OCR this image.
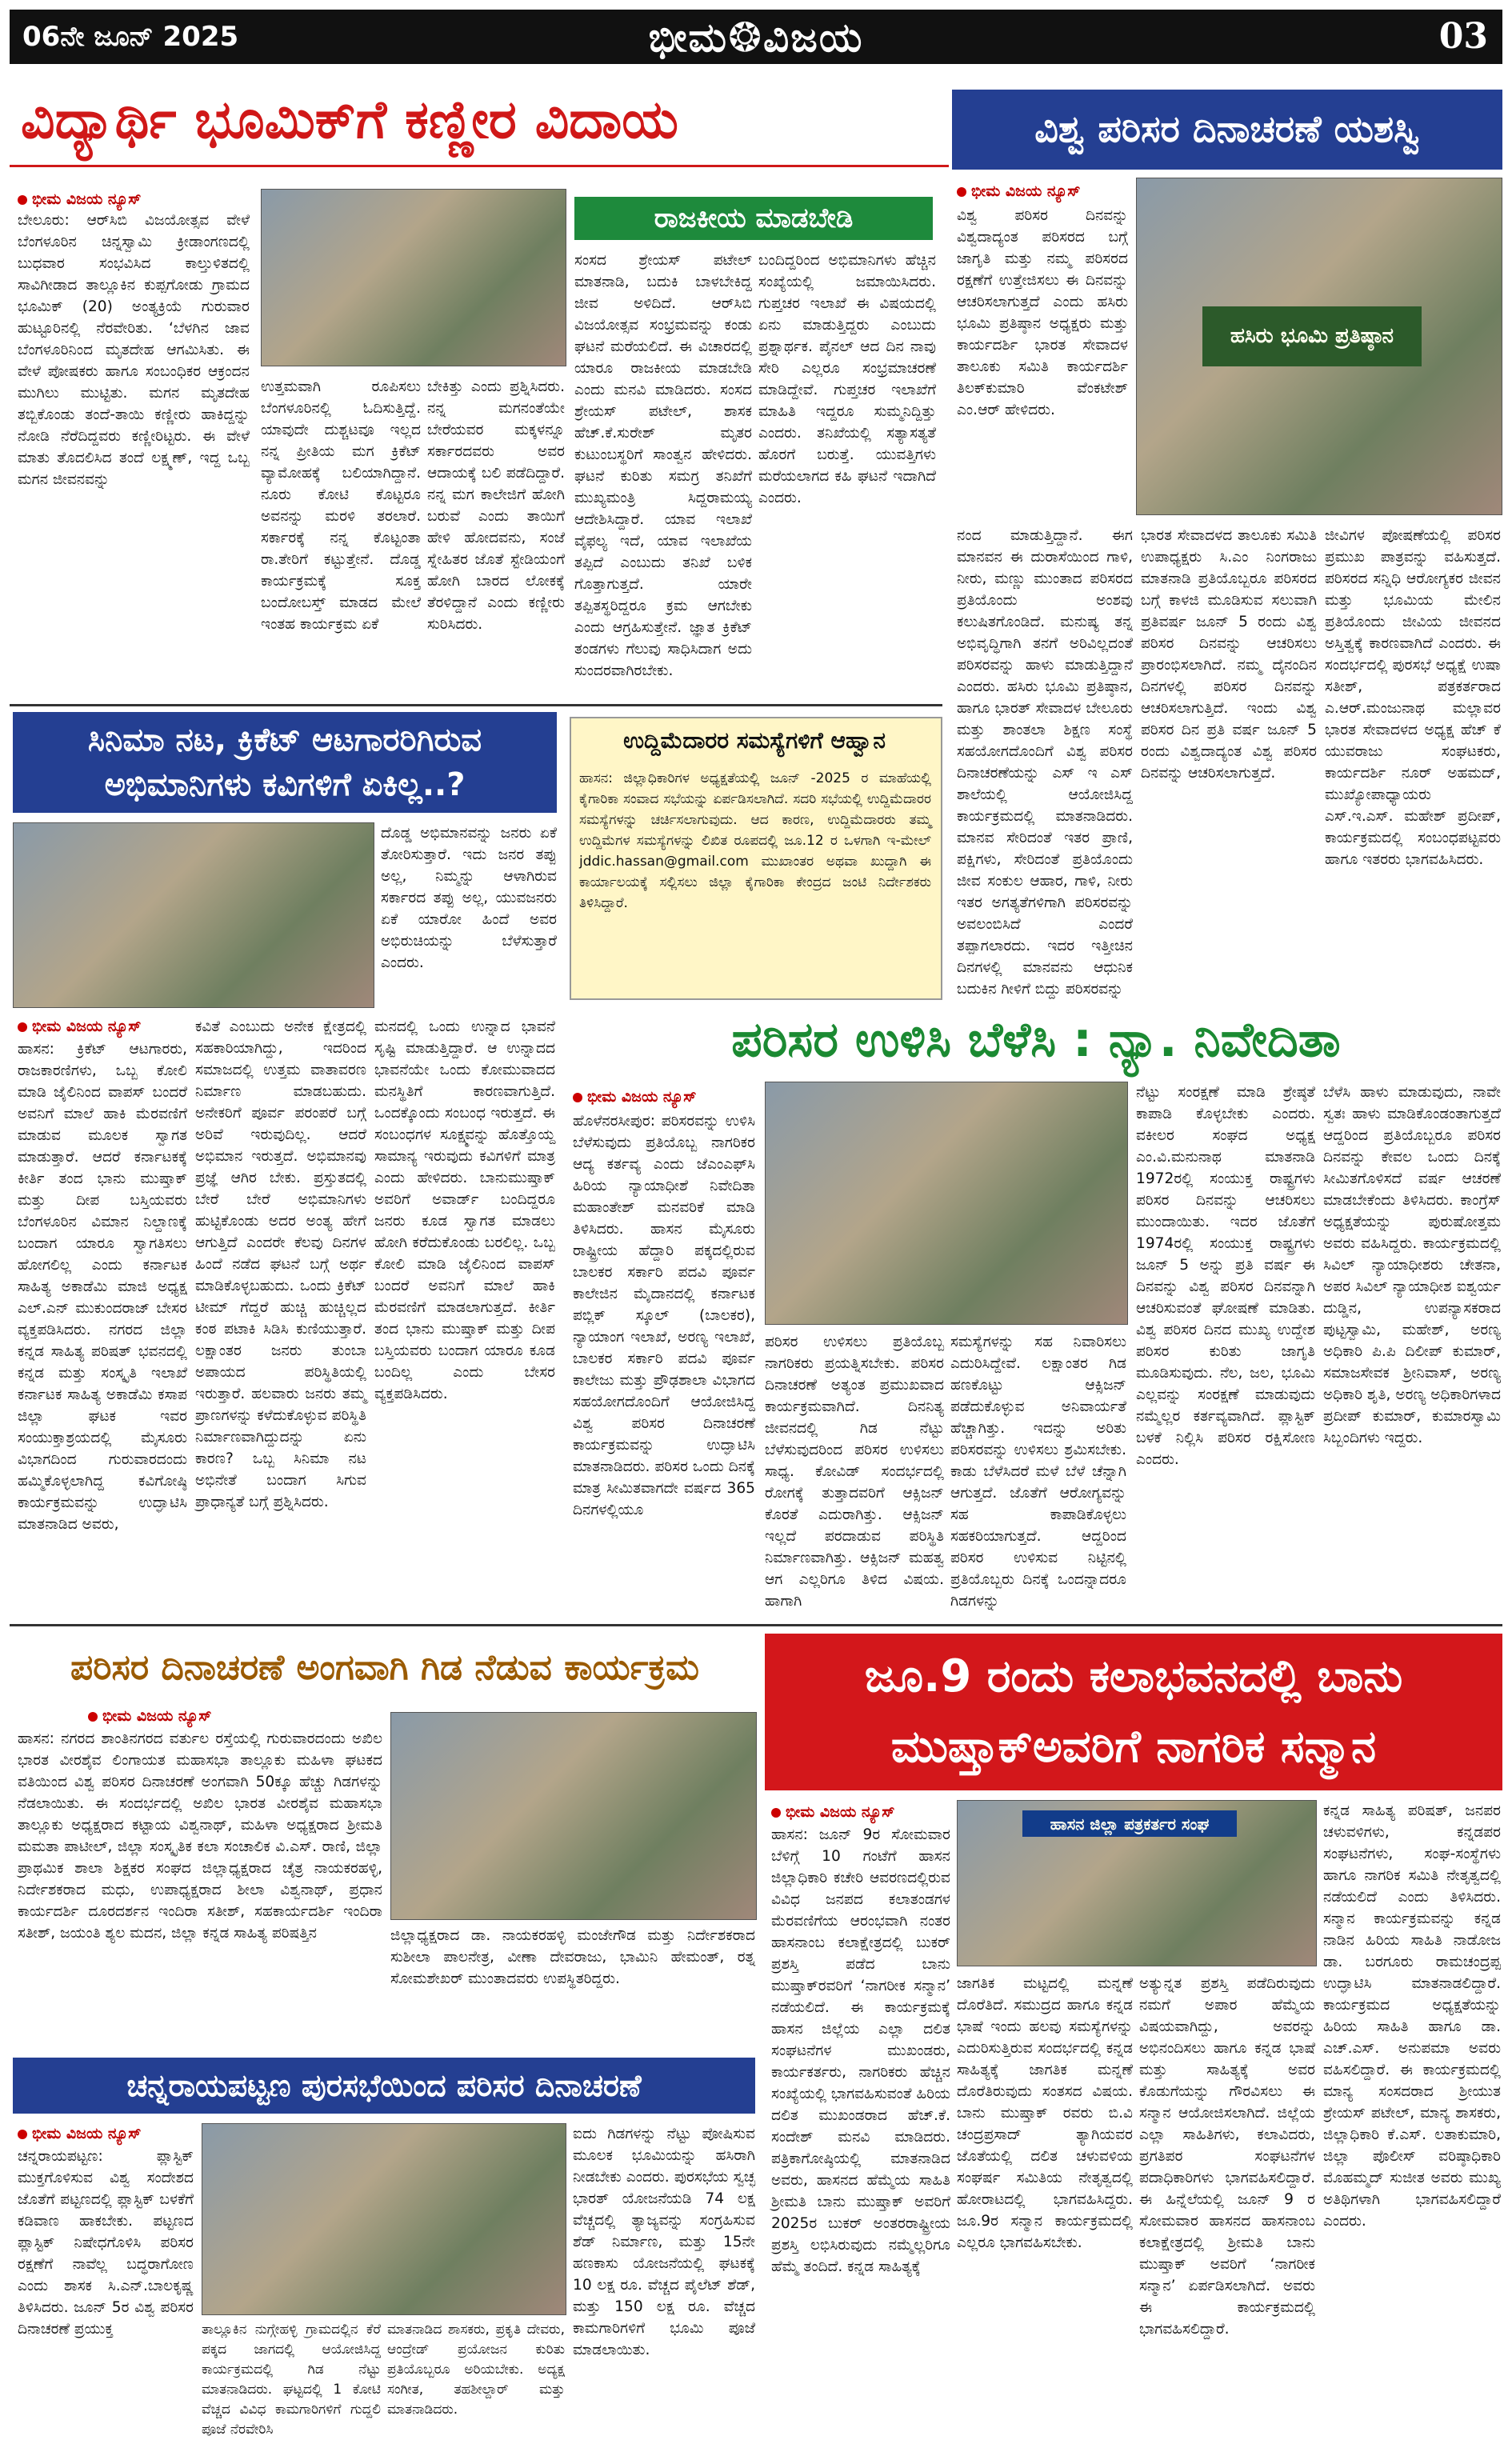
06ನೇ ಜೂನ್ 2025	ಭೀಮ❂ವಿಜಯ	03
ವಿದ್ಯಾರ್ಥಿ ಭೂಮಿಕ್‌ಗೆ ಕಣ್ಣೀರ ವಿದಾಯ
ಭೀಮ ವಿಜಯ ನ್ಯೂಸ್
ಬೇಲೂರು: ಆರ್‌ಸಿಬಿ ವಿಜಯೋತ್ಸವ ವೇಳೆ ಬೆಂಗಳೂರಿನ ಚಿನ್ನಸ್ವಾಮಿ ಕ್ರೀಡಾಂಗಣದಲ್ಲಿ ಬುಧವಾರ ಸಂಭವಿಸಿದ ಕಾಲ್ತುಳಿತದಲ್ಲಿ ಸಾವಿಗೀಡಾದ ತಾಲ್ಲೂಕಿನ ಕುಪ್ಪಗೋಡು ಗ್ರಾಮದ ಭೂಮಿಕ್ (20) ಅಂತ್ಯಕ್ರಿಯೆ ಗುರುವಾರ ಹುಟ್ಟೂರಿನಲ್ಲಿ ನೆರವೇರಿತು. ‘ಬೆಳಗಿನ ಜಾವ ಬೆಂಗಳೂರಿನಿಂದ ಮೃತದೇಹ ಆಗಮಿಸಿತು. ಈ ವೇಳೆ ಪೋಷಕರು ಹಾಗೂ ಸಂಬಂಧಿಕರ ಆಕ್ರಂದನ ಮುಗಿಲು ಮುಟ್ಟಿತು. ಮಗನ ಮೃತದೇಹ ತಬ್ಬಿಕೊಂಡು ತಂದೆ-ತಾಯಿ ಕಣ್ಣೀರು ಹಾಕಿದ್ದನ್ನು ನೋಡಿ ನೆರೆದಿದ್ದವರು ಕಣ್ಣೀರಿಟ್ಟರು. ಈ ವೇಳೆ ಮಾತು ತೊದಲಿಸಿದ ತಂದೆ ಲಕ್ಷ್ಮಣ್, ಇದ್ದ ಒಬ್ಬ ಮಗನ ಜೀವನವನ್ನು
ಉತ್ತಮವಾಗಿ ರೂಪಿಸಲು ಬೆಂಗಳೂರಿನಲ್ಲಿ ಓದಿಸುತ್ತಿದ್ದೆ. ಯಾವುದೇ ದುಶ್ಚಟವೂ ಇಲ್ಲದ ನನ್ನ ಪ್ರೀತಿಯ ಮಗ ಕ್ರಿಕೆಟ್ ವ್ಯಾಮೋಹಕ್ಕೆ ಬಲಿಯಾಗಿದ್ದಾನೆ. ನೂರು ಕೋಟಿ ಕೊಟ್ಟರೂ ಅವನನ್ನು ಮರಳಿ ತರಲಾರೆ. ಸರ್ಕಾರಕ್ಕೆ ನನ್ನ ಕೊಟ್ಟಂತಾ ರಾ.ತೇರಿಗೆ ಕಟ್ಟುತ್ತೇನೆ. ದೊಡ್ಡ ಕಾರ್ಯಕ್ರಮಕ್ಕೆ ಸೂಕ್ತ ಬಂದೋಬಸ್ತ್ ಮಾಡದ ಮೇಲೆ ಇಂತಹ ಕಾರ್ಯಕ್ರಮ ಏಕೆ
ಬೇಕಿತ್ತು ಎಂದು ಪ್ರಶ್ನಿಸಿದರು. ನನ್ನ ಮಗನಂತೆಯೇ ಬೇರೆಯವರ ಮಕ್ಕಳನ್ನೂ ಸರ್ಕಾರದವರು ಅವರ ಆದಾಯಕ್ಕೆ ಬಲಿ ಪಡೆದಿದ್ದಾರೆ. ನನ್ನ ಮಗ ಕಾಲೇಜಿಗೆ ಹೋಗಿ ಬರುವೆ ಎಂದು ತಾಯಿಗೆ ಹೇಳಿ ಹೋದವನು, ಸಂಜೆ ಸ್ನೇಹಿತರ ಜೊತೆ ಸ್ಟೇಡಿಯಂಗೆ ಹೋಗಿ ಬಾರದ ಲೋಕಕ್ಕೆ ತೆರಳಿದ್ದಾನೆ ಎಂದು ಕಣ್ಣೀರು ಸುರಿಸಿದರು.
ರಾಜಕೀಯ ಮಾಡಬೇಡಿ
ಸಂಸದ ಶ್ರೇಯಸ್ ಪಟೇಲ್ ಮಾತನಾಡಿ, ಬದುಕಿ ಬಾಳಬೇಕಿದ್ದ ಜೀವ ಅಳಿದಿದೆ. ಆರ್‌ಸಿಬಿ ವಿಜಯೋತ್ಸವ ಸಂಭ್ರಮವನ್ನು ಕಂಡು ಘಟನೆ ಮರೆಯಲಿದೆ. ಈ ವಿಚಾರದಲ್ಲಿ ಯಾರೂ ರಾಜಕೀಯ ಮಾಡಬೇಡಿ ಎಂದು ಮನವಿ ಮಾಡಿದರು. ಸಂಸದ ಶ್ರೇಯಸ್ ಪಟೇಲ್, ಶಾಸಕ ಹೆಚ್.ಕೆ.ಸುರೇಶ್ ಮೃತರ ಕುಟುಂಬಸ್ಥರಿಗೆ ಸಾಂತ್ವನ ಹೇಳಿದರು. ಘಟನೆ ಕುರಿತು ಸಮಗ್ರ ತನಿಖೆಗೆ ಮುಖ್ಯಮಂತ್ರಿ ಸಿದ್ದರಾಮಯ್ಯ ಆದೇಶಿಸಿದ್ದಾರೆ. ಯಾವ ಇಲಾಖೆ ವೈಫಲ್ಯ ಇದೆ, ಯಾವ ಇಲಾಖೆಯ ತಪ್ಪಿದೆ ಎಂಬುದು ತನಿಖೆ ಬಳಿಕ ಗೊತ್ತಾಗುತ್ತದೆ. ಯಾರೇ ತಪ್ಪಿತಸ್ಥರಿದ್ದರೂ ಕ್ರಮ ಆಗಬೇಕು ಎಂದು ಆಗ್ರಹಿಸುತ್ತೇನೆ. ಜ್ಞಾತ ಕ್ರಿಕೆಟ್ ತಂಡಗಳು ಗೆಲುವು ಸಾಧಿಸಿದಾಗ ಅದು ಸುಂದರವಾಗಿರಬೇಕು.
ಬಂದಿದ್ದರಿಂದ ಅಭಿಮಾನಿಗಳು ಹೆಚ್ಚಿನ ಸಂಖ್ಯೆಯಲ್ಲಿ ಜಮಾಯಿಸಿದರು. ಗುಪ್ತಚರ ಇಲಾಖೆ ಈ ವಿಷಯದಲ್ಲಿ ಏನು ಮಾಡುತ್ತಿದ್ದರು ಎಂಬುದು ಪ್ರಶ್ನಾರ್ಥಕ. ಪೈನಲ್ ಆದ ದಿನ ನಾವು ಸೇರಿ ಎಲ್ಲರೂ ಸಂಭ್ರಮಾಚರಣೆ ಮಾಡಿದ್ದೇವೆ. ಗುಪ್ತಚರ ಇಲಾಖೆಗೆ ಮಾಹಿತಿ ಇದ್ದರೂ ಸುಮ್ಮನಿದ್ದಿತ್ತು ಎಂದರು. ತನಿಖೆಯಲ್ಲಿ ಸತ್ಯಾಸತ್ಯತೆ ಹೊರಗೆ ಬರುತ್ತೆ. ಯುವತ್ತಿಗಳು ಮರೆಯಲಾಗದ ಕಹಿ ಘಟನೆ ಇದಾಗಿದೆ ಎಂದರು.
ವಿಶ್ವ ಪರಿಸರ ದಿನಾಚರಣೆ ಯಶಸ್ವಿ
ಭೀಮ ವಿಜಯ ನ್ಯೂಸ್
ವಿಶ್ವ ಪರಿಸರ ದಿನವನ್ನು ವಿಶ್ವದಾದ್ಯಂತ ಪರಿಸರದ ಬಗ್ಗೆ ಜಾಗೃತಿ ಮತ್ತು ನಮ್ಮ ಪರಿಸರದ ರಕ್ಷಣೆಗೆ ಉತ್ತೇಜಿಸಲು ಈ ದಿನವನ್ನು ಆಚರಿಸಲಾಗುತ್ತದೆ ಎಂದು ಹಸಿರು ಭೂಮಿ ಪ್ರತಿಷ್ಠಾನ ಅಧ್ಯಕ್ಷರು ಮತ್ತು ಕಾರ್ಯದರ್ಶಿ ಭಾರತ ಸೇವಾದಳ ತಾಲೂಕು ಸಮಿತಿ ಕಾರ್ಯದರ್ಶಿ ತಿಲಕ್‌ಕುಮಾರಿ ವೆಂಕಟೇಶ್ ಎಂ.ಆರ್ ಹೇಳಿದರು.
ಹಸಿರು ಭೂಮಿ ಪ್ರತಿಷ್ಠಾನ
ನಂದ ಮಾಡುತ್ತಿದ್ದಾನೆ. ಈಗ ಮಾನವನ ಈ ದುರಾಸೆಯಿಂದ ಗಾಳಿ, ನೀರು, ಮಣ್ಣು ಮುಂತಾದ ಪರಿಸರದ ಪ್ರತಿಯೊಂದು ಅಂಶವು ಕಲುಷಿತಗೊಂಡಿದೆ. ಮನುಷ್ಯ ತನ್ನ ಅಭಿವೃದ್ಧಿಗಾಗಿ ತನಗೆ ಅರಿವಿಲ್ಲದಂತೆ ಪರಿಸರವನ್ನು ಹಾಳು ಮಾಡುತ್ತಿದ್ದಾನೆ ಎಂದರು. ಹಸಿರು ಭೂಮಿ ಪ್ರತಿಷ್ಠಾನ, ಹಾಗೂ ಭಾರತ್ ಸೇವಾದಳ ಬೇಲೂರು ಮತ್ತು ಶಾಂತಲಾ ಶಿಕ್ಷಣ ಸಂಸ್ಥೆ ಸಹಯೋಗದೊಂದಿಗೆ ವಿಶ್ವ ಪರಿಸರ ದಿನಾಚರಣೆಯನ್ನು ಎಸ್ ಇ ಎಸ್ ಶಾಲೆಯಲ್ಲಿ ಆಯೋಜಿಸಿದ್ದ ಕಾರ್ಯಕ್ರಮದಲ್ಲಿ ಮಾತನಾಡಿದರು. ಮಾನವ ಸೇರಿದಂತೆ ಇತರ ಪ್ರಾಣಿ, ಪಕ್ಷಿಗಳು, ಸೇರಿದಂತೆ ಪ್ರತಿಯೊಂದು ಜೀವ ಸಂಕುಲ ಆಹಾರ, ಗಾಳಿ, ನೀರು ಇತರ ಅಗತ್ಯತೆಗಳಿಗಾಗಿ ಪರಿಸರವನ್ನು ಅವಲಂಬಿಸಿದೆ ಎಂದರೆ ತಪ್ಪಾಗಲಾರದು. ಇದರ ಇತ್ತೀಚಿನ ದಿನಗಳಲ್ಲಿ ಮಾನವನು ಆಧುನಿಕ ಬದುಕಿನ ಗೀಳಿಗೆ ಬಿದ್ದು ಪರಿಸರವನ್ನು
ಭಾರತ ಸೇವಾದಳದ ತಾಲೂಕು ಸಮಿತಿ ಉಪಾಧ್ಯಕ್ಷರು ಸಿ.ಎಂ ನಿಂಗರಾಜು ಮಾತನಾಡಿ ಪ್ರತಿಯೊಬ್ಬರೂ ಪರಿಸರದ ಬಗ್ಗೆ ಕಾಳಜಿ ಮೂಡಿಸುವ ಸಲುವಾಗಿ ಪ್ರತಿವರ್ಷ ಜೂನ್ 5 ರಂದು ವಿಶ್ವ ಪರಿಸರ ದಿನವನ್ನು ಆಚರಿಸಲು ಪ್ರಾರಂಭಿಸಲಾಗಿದೆ. ನಮ್ಮ ದೈನಂದಿನ ದಿನಗಳಲ್ಲಿ ಪರಿಸರ ದಿನವನ್ನು ಆಚರಿಸಲಾಗುತ್ತಿದೆ. ಇಂದು ವಿಶ್ವ ಪರಿಸರ ದಿನ ಪ್ರತಿ ವರ್ಷ ಜೂನ್ 5 ರಂದು ವಿಶ್ವದಾದ್ಯಂತ ವಿಶ್ವ ಪರಿಸರ ದಿನವನ್ನು ಆಚರಿಸಲಾಗುತ್ತದೆ.
ಜೀವಿಗಳ ಪೋಷಣೆಯಲ್ಲಿ ಪರಿಸರ ಪ್ರಮುಖ ಪಾತ್ರವನ್ನು ವಹಿಸುತ್ತದೆ. ಪರಿಸರದ ಸನ್ನಿಧಿ ಆರೋಗ್ಯಕರ ಜೀವನ ಮತ್ತು ಭೂಮಿಯ ಮೇಲಿನ ಪ್ರತಿಯೊಂದು ಜೀವಿಯ ಜೀವನದ ಅಸ್ತಿತ್ವಕ್ಕೆ ಕಾರಣವಾಗಿದೆ ಎಂದರು. ಈ ಸಂದರ್ಭದಲ್ಲಿ ಪುರಸಭೆ ಅಧ್ಯಕ್ಷೆ ಉಷಾ ಸತೀಶ್, ಪತ್ರಕರ್ತರಾದ ಎ.ಆರ್.ಮಂಜುನಾಥ ಮಲ್ಲಾವರ ಭಾರತ ಸೇವಾದಳದ ಅಧ್ಯಕ್ಷ ಹೆಚ್ ಕೆ ಯುವರಾಜು ಸಂಘಟಕರು, ಕಾರ್ಯದರ್ಶಿ ನೂರ್ ಅಹಮದ್, ಮುಖ್ಯೋಪಾಧ್ಯಾಯರು ಎಸ್.ಇ.ಎಸ್. ಮಹೇಶ್ ಪ್ರದೀಪ್, ಕಾರ್ಯಕ್ರಮದಲ್ಲಿ ಸಂಬಂಧಪಟ್ಟವರು ಹಾಗೂ ಇತರರು ಭಾಗವಹಿಸಿದರು.
ಸಿನಿಮಾ ನಟ, ಕ್ರಿಕೆಟ್ ಆಟಗಾರರಿಗಿರುವ
ಅಭಿಮಾನಿಗಳು ಕವಿಗಳಿಗೆ ಏಕಿಲ್ಲ..?
ದೊಡ್ಡ ಅಭಿಮಾನವನ್ನು ಜನರು ಏಕೆ ತೋರಿಸುತ್ತಾರೆ. ಇದು ಜನರ ತಪ್ಪು ಅಲ್ಲ, ನಿಮ್ಮನ್ನು ಆಳಾಗಿರುವ ಸರ್ಕಾರದ ತಪ್ಪು ಅಲ್ಲ, ಯುವಜನರು ಏಕೆ ಯಾರೋ ಹಿಂದೆ ಅವರ ಅಭಿರುಚಿಯನ್ನು ಬೆಳೆಸುತ್ತಾರೆ ಎಂದರು.
ಭೀಮ ವಿಜಯ ನ್ಯೂಸ್
ಹಾಸನ: ಕ್ರಿಕೆಟ್ ಆಟಗಾರರು, ರಾಜಕಾರಣಿಗಳು, ಒಬ್ಬ ಕೋಲಿ ಮಾಡಿ ಜೈಲಿನಿಂದ ವಾಪಸ್ ಬಂದರೆ ಅವನಿಗೆ ಮಾಲೆ ಹಾಕಿ ಮೆರವಣಿಗೆ ಮಾಡುವ ಮೂಲಕ ಸ್ವಾಗತ ಮಾಡುತ್ತಾರೆ. ಆದರೆ ಕರ್ನಾಟಕಕ್ಕೆ ಕೀರ್ತಿ ತಂದ ಭಾನು ಮುಷ್ತಾಕ್ ಮತ್ತು ದೀಪ ಬಸ್ತಿಯವರು ಬೆಂಗಳೂರಿನ ವಿಮಾನ ನಿಲ್ದಾಣಕ್ಕೆ ಬಂದಾಗ ಯಾರೂ ಸ್ವಾಗತಿಸಲು ಹೋಗಲಿಲ್ಲ ಎಂದು ಕರ್ನಾಟಕ ಸಾಹಿತ್ಯ ಅಕಾಡೆಮಿ ಮಾಜಿ ಅಧ್ಯಕ್ಷ ಎಲ್.ಎನ್ ಮುಕುಂದರಾಜ್ ಬೇಸರ ವ್ಯಕ್ತಪಡಿಸಿದರು. ನಗರದ ಜಿಲ್ಲಾ ಕನ್ನಡ ಸಾಹಿತ್ಯ ಪರಿಷತ್ ಭವನದಲ್ಲಿ ಕನ್ನಡ ಮತ್ತು ಸಂಸ್ಕೃತಿ ಇಲಾಖೆ ಕರ್ನಾಟಕ ಸಾಹಿತ್ಯ ಅಕಾಡೆಮಿ ಕಸಾಪ ಜಿಲ್ಲಾ ಘಟಕ ಇವರ ಸಂಯುಕ್ತಾಶ್ರಯದಲ್ಲಿ ಮೈಸೂರು ವಿಭಾಗದಿಂದ ಗುರುವಾರದಂದು ಹಮ್ಮಿಕೊಳ್ಳಲಾಗಿದ್ದ ಕವಿಗೋಷ್ಠಿ ಕಾರ್ಯಕ್ರಮವನ್ನು ಉದ್ಘಾಟಿಸಿ ಮಾತನಾಡಿದ ಅವರು,
ಕವಿತೆ ಎಂಬುದು ಅನೇಕ ಕ್ಷೇತ್ರದಲ್ಲಿ ಸಹಕಾರಿಯಾಗಿದ್ದು, ಇದರಿಂದ ಸಮಾಜದಲ್ಲಿ ಉತ್ತಮ ವಾತಾವರಣ ನಿರ್ಮಾಣ ಮಾಡಬಹುದು. ಅನೇಕರಿಗೆ ಪೂರ್ವ ಪರಂಪರೆ ಬಗ್ಗೆ ಅರಿವೆ ಇರುವುದಿಲ್ಲ. ಆದರೆ ಅಭಿಮಾನ ಇರುತ್ತದೆ. ಅಭಿಮಾನವು ಪ್ರಜ್ಞೆ ಆಗಿರ ಬೇಕು. ಪ್ರಸ್ತುತದಲ್ಲಿ ಬೇರೆ ಬೇರೆ ಅಭಿಮಾನಿಗಳು ಹುಟ್ಟಿಕೊಂಡು ಅದರ ಅಂತ್ಯ ಹೇಗೆ ಆಗುತ್ತಿದೆ ಎಂದರೇ ಕೆಲವು ದಿನಗಳ ಹಿಂದೆ ನಡೆದ ಘಟನೆ ಬಗ್ಗೆ ಅರ್ಥ ಮಾಡಿಕೊಳ್ಳಬಹುದು. ಒಂದು ಕ್ರಿಕೆಟ್ ಟೀಮ್ ಗೆದ್ದರೆ ಹುಚ್ಚಿ ಹುಚ್ಚಿಲ್ಲದ ಕಂಠ ಪಟಾಕಿ ಸಿಡಿಸಿ ಕುಣಿಯುತ್ತಾರೆ. ಲಕ್ಷಾಂತರ ಜನರು ತುಂಬಾ ಅಪಾಯದ ಪರಿಸ್ಥಿತಿಯಲ್ಲಿ ಇರುತ್ತಾರೆ. ಹಲವಾರು ಜನರು ತಮ್ಮ ಪ್ರಾಣಗಳನ್ನು ಕಳೆದುಕೊಳ್ಳುವ ಪರಿಸ್ಥಿತಿ ನಿರ್ಮಾಣವಾಗಿದ್ದುದನ್ನು ಏನು ಕಾರಣ? ಒಬ್ಬ ಸಿನಿಮಾ ನಟ ಅಭಿನೇತೆ ಬಂದಾಗ ಸಿಗುವ ಪ್ರಾಧಾನ್ಯತೆ ಬಗ್ಗೆ ಪ್ರಶ್ನಿಸಿದರು.
ಮನದಲ್ಲಿ ಒಂದು ಉನ್ನಾದ ಭಾವನೆ ಸೃಷ್ಟಿ ಮಾಡುತ್ತಿದ್ದಾರೆ. ಆ ಉನ್ನಾದದ ಭಾವನೆಯೇ ಒಂದು ಕೋಮುವಾದದ ಮನಸ್ಥಿತಿಗೆ ಕಾರಣವಾಗುತ್ತಿದೆ. ಒಂದಕ್ಕೊಂದು ಸಂಬಂಧ ಇರುತ್ತದೆ. ಈ ಸಂಬಂಧಗಳ ಸೂಕ್ಷ್ಮವನ್ನು ಹೊತ್ತೊಯ್ದ ಸಾಮಾನ್ಯ ಇರುವುದು ಕವಿಗಳಿಗೆ ಮಾತ್ರ ಎಂದು ಹೇಳಿದರು. ಬಾನುಮುಷ್ತಾಕ್ ಅವರಿಗೆ ಅವಾರ್ಡ್ ಬಂದಿದ್ದರೂ ಜನರು ಕೂಡ ಸ್ವಾಗತ ಮಾಡಲು ಹೋಗಿ ಕರೆದುಕೊಂಡು ಬರಲಿಲ್ಲ. ಒಬ್ಬ ಕೋಲಿ ಮಾಡಿ ಜೈಲಿನಿಂದ ವಾಪಸ್ ಬಂದರೆ ಅವನಿಗೆ ಮಾಲೆ ಹಾಕಿ ಮೆರವಣಿಗೆ ಮಾಡಲಾಗುತ್ತದೆ. ಕೀರ್ತಿ ತಂದ ಭಾನು ಮುಷ್ತಾಕ್ ಮತ್ತು ದೀಪ ಬಸ್ತಿಯವರು ಬಂದಾಗ ಯಾರೂ ಕೂಡ ಬಂದಿಲ್ಲ ಎಂದು ಬೇಸರ ವ್ಯಕ್ತಪಡಿಸಿದರು.
ಉದ್ದಿಮೆದಾರರ ಸಮಸ್ಯೆಗಳಿಗೆ ಆಹ್ವಾನ
ಹಾಸನ: ಜಿಲ್ಲಾಧಿಕಾರಿಗಳ ಅಧ್ಯಕ್ಷತೆಯಲ್ಲಿ ಜೂನ್ -2025 ರ ಮಾಹೆಯಲ್ಲಿ ಕೈಗಾರಿಕಾ ಸಂವಾದ ಸಭೆಯನ್ನು ಏರ್ಪಡಿಸಲಾಗಿದೆ. ಸದರಿ ಸಭೆಯಲ್ಲಿ ಉದ್ದಿಮೆದಾರರ ಸಮಸ್ಯೆಗಳನ್ನು ಚರ್ಚಿಸಲಾಗುವುದು. ಆದ ಕಾರಣ, ಉದ್ದಿಮೆದಾರರು ತಮ್ಮ ಉದ್ದಿಮೆಗಳ ಸಮಸ್ಯೆಗಳನ್ನು ಲಿಖಿತ ರೂಪದಲ್ಲಿ ಜೂ.12 ರ ಒಳಗಾಗಿ ಇ-ಮೇಲ್ jddic.hassan@gmail.com ಮುಖಾಂತರ ಅಥವಾ ಖುದ್ದಾಗಿ ಈ ಕಾರ್ಯಾಲಯಕ್ಕೆ ಸಲ್ಲಿಸಲು ಜಿಲ್ಲಾ ಕೈಗಾರಿಕಾ ಕೇಂದ್ರದ ಜಂಟಿ ನಿರ್ದೇಶಕರು ತಿಳಿಸಿದ್ದಾರೆ.
ಪರಿಸರ ಉಳಿಸಿ ಬೆಳೆಸಿ : ನ್ಯಾ. ನಿವೇದಿತಾ
ಭೀಮ ವಿಜಯ ನ್ಯೂಸ್
ಹೊಳೆನರಸೀಪುರ: ಪರಿಸರವನ್ನು ಉಳಿಸಿ ಬೆಳೆಸುವುದು ಪ್ರತಿಯೊಬ್ಬ ನಾಗರಿಕರ ಆದ್ಯ ಕರ್ತವ್ಯ ಎಂದು ಜೆಎಂಎಫ್‌ಸಿ ಹಿರಿಯ ನ್ಯಾಯಾಧೀಶೆ ನಿವೇದಿತಾ ಮಹಾಂತೇಶ್ ಮನವರಿಕೆ ಮಾಡಿ ತಿಳಿಸಿದರು. ಹಾಸನ ಮೈಸೂರು ರಾಷ್ಟ್ರೀಯ ಹೆದ್ದಾರಿ ಪಕ್ಕದಲ್ಲಿರುವ ಬಾಲಕರ ಸರ್ಕಾರಿ ಪದವಿ ಪೂರ್ವ ಕಾಲೇಜಿನ ಮೈದಾನದಲ್ಲಿ ಕರ್ನಾಟಕ ಪಬ್ಲಿಕ್ ಸ್ಕೂಲ್ (ಬಾಲಕರ), ನ್ಯಾಯಾಂಗ ಇಲಾಖೆ, ಅರಣ್ಯ ಇಲಾಖೆ, ಬಾಲಕರ ಸರ್ಕಾರಿ ಪದವಿ ಪೂರ್ವ ಕಾಲೇಜು ಮತ್ತು ಪ್ರೌಢಶಾಲಾ ವಿಭಾಗದ ಸಹಯೋಗದೊಂದಿಗೆ ಆಯೋಜಿಸಿದ್ದ ವಿಶ್ವ ಪರಿಸರ ದಿನಾಚರಣೆ ಕಾರ್ಯಕ್ರಮವನ್ನು ಉದ್ಘಾಟಿಸಿ ಮಾತನಾಡಿದರು. ಪರಿಸರ ಒಂದು ದಿನಕ್ಕೆ ಮಾತ್ರ ಸೀಮಿತವಾಗದೇ ವರ್ಷದ 365 ದಿನಗಳಲ್ಲಿಯೂ
ಪರಿಸರ ಉಳಿಸಲು ಪ್ರತಿಯೊಬ್ಬ ನಾಗರಿಕರು ಪ್ರಯತ್ನಿಸಬೇಕು. ಪರಿಸರ ದಿನಾಚರಣೆ ಅತ್ಯಂತ ಪ್ರಮುಖವಾದ ಕಾರ್ಯಕ್ರಮವಾಗಿದೆ. ದಿನನಿತ್ಯ ಜೀವನದಲ್ಲಿ ಗಿಡ ನೆಟ್ಟು ಬೆಳೆಸುವುದರಿಂದ ಪರಿಸರ ಉಳಿಸಲು ಸಾಧ್ಯ. ಕೋವಿಡ್ ಸಂದರ್ಭದಲ್ಲಿ ರೋಗಕ್ಕೆ ತುತ್ತಾದವರಿಗೆ ಆಕ್ಸಿಜನ್ ಕೊರತೆ ಎದುರಾಗಿತ್ತು. ಆಕ್ಸಿಜನ್ ಇಲ್ಲದೆ ಪರದಾಡುವ ಪರಿಸ್ಥಿತಿ ನಿರ್ಮಾಣವಾಗಿತ್ತು. ಆಕ್ಸಿಜನ್ ಮಹತ್ವ ಆಗ ಎಲ್ಲರಿಗೂ ತಿಳಿದ ವಿಷಯ. ಹಾಗಾಗಿ
ಸಮಸ್ಯೆಗಳನ್ನು ಸಹ ನಿವಾರಿಸಲು ಎದುರಿಸಿದ್ದೇವೆ. ಲಕ್ಷಾಂತರ ಗಿಡ ಹಣಕೊಟ್ಟು ಆಕ್ಸಿಜನ್ ಪಡೆದುಕೊಳ್ಳುವ ಅನಿವಾರ್ಯತೆ ಹೆಚ್ಚಾಗಿತ್ತು. ಇದನ್ನು ಅರಿತು ಪರಿಸರವನ್ನು ಉಳಿಸಲು ಶ್ರಮಿಸಬೇಕು. ಕಾಡು ಬೆಳೆಸಿದರೆ ಮಳೆ ಬೆಳೆ ಚೆನ್ನಾಗಿ ಆಗುತ್ತದೆ. ಜೊತೆಗೆ ಆರೋಗ್ಯವನ್ನು ಸಹ ಕಾಪಾಡಿಕೊಳ್ಳಲು ಸಹಕರಿಯಾಗುತ್ತದೆ. ಆದ್ದರಿಂದ ಪರಿಸರ ಉಳಿಸುವ ನಿಟ್ಟಿನಲ್ಲಿ ಪ್ರತಿಯೊಬ್ಬರು ದಿನಕ್ಕೆ ಒಂದನ್ನಾದರೂ ಗಿಡಗಳನ್ನು
ನೆಟ್ಟು ಸಂರಕ್ಷಣೆ ಮಾಡಿ ಶ್ರೇಷ್ಠತೆ ಕಾಪಾಡಿ ಕೊಳ್ಳಬೇಕು ಎಂದರು. ವಕೀಲರ ಸಂಘದ ಅಧ್ಯಕ್ಷ ಎಂ.ವಿ.ಮನುನಾಥ ಮಾತನಾಡಿ 1972ರಲ್ಲಿ ಸಂಯುಕ್ತ ರಾಷ್ಟ್ರಗಳು ಪರಿಸರ ದಿನವನ್ನು ಆಚರಿಸಲು ಮುಂದಾಯಿತು. ಇದರ ಜೊತೆಗೆ 1974ರಲ್ಲಿ ಸಂಯುಕ್ತ ರಾಷ್ಟ್ರಗಳು ಜೂನ್ 5 ಅನ್ನು ಪ್ರತಿ ವರ್ಷ ಈ ದಿನವನ್ನು ವಿಶ್ವ ಪರಿಸರ ದಿನವನ್ನಾಗಿ ಆಚರಿಸುವಂತೆ ಘೋಷಣೆ ಮಾಡಿತು. ವಿಶ್ವ ಪರಿಸರ ದಿನದ ಮುಖ್ಯ ಉದ್ದೇಶ ಪರಿಸರ ಕುರಿತು ಜಾಗೃತಿ ಮೂಡಿಸುವುದು. ನೆಲ, ಜಲ, ಭೂಮಿ ಎಲ್ಲವನ್ನು ಸಂರಕ್ಷಣೆ ಮಾಡುವುದು ನಮ್ಮೆಲ್ಲರ ಕರ್ತವ್ಯವಾಗಿದೆ. ಪ್ಲಾಸ್ಟಿಕ್ ಬಳಕೆ ನಿಲ್ಲಿಸಿ ಪರಿಸರ ರಕ್ಷಿಸೋಣ ಎಂದರು.
ಬೆಳೆಸಿ ಹಾಳು ಮಾಡುವುದು, ನಾವೇ ಸ್ವತಃ ಹಾಳು ಮಾಡಿಕೊಂಡಂತಾಗುತ್ತದೆ ಆದ್ದರಿಂದ ಪ್ರತಿಯೊಬ್ಬರೂ ಪರಿಸರ ದಿನವನ್ನು ಕೇವಲ ಒಂದು ದಿನಕ್ಕೆ ಸೀಮಿತಗೊಳಿಸದೆ ವರ್ಷ ಆಚರಣೆ ಮಾಡಬೇಕೆಂದು ತಿಳಿಸಿದರು. ಕಾಂಗ್ರೆಸ್ ಅಧ್ಯಕ್ಷತೆಯನ್ನು ಪುರುಷೋತ್ತಮ ಅವರು ವಹಿಸಿದ್ದರು. ಕಾರ್ಯಕ್ರಮದಲ್ಲಿ ಸಿವಿಲ್ ನ್ಯಾಯಾಧೀಶರು ಚೇತನಾ, ಅಪರ ಸಿವಿಲ್ ನ್ಯಾಯಾಧೀಶ ಐಶ್ವರ್ಯ ದುಡ್ಡಿನ, ಉಪನ್ಯಾಸಕರಾದ ಪುಟ್ಟಸ್ವಾಮಿ, ಮಹೇಶ್, ಅರಣ್ಯ ಅಧಿಕಾರಿ ಪಿ.ಪಿ ದಿಲೀಪ್ ಕುಮಾರ್, ಸಮಾಜಸೇವಕ ಶ್ರೀನಿವಾಸ್, ಅರಣ್ಯ ಅಧಿಕಾರಿ ಶೃತಿ, ಅರಣ್ಯ ಅಧಿಕಾರಿಗಳಾದ ಪ್ರದೀಪ್ ಕುಮಾರ್, ಕುಮಾರಸ್ವಾಮಿ ಸಿಬ್ಬಂದಿಗಳು ಇದ್ದರು.
ಪರಿಸರ ದಿನಾಚರಣೆ ಅಂಗವಾಗಿ ಗಿಡ ನೆಡುವ ಕಾರ್ಯಕ್ರಮ
ಭೀಮ ವಿಜಯ ನ್ಯೂಸ್
ಹಾಸನ: ನಗರದ ಶಾಂತಿನಗರದ ವರ್ತುಲ ರಸ್ತೆಯಲ್ಲಿ ಗುರುವಾರದಂದು ಅಖಿಲ ಭಾರತ ವೀರಶೈವ ಲಿಂಗಾಯತ ಮಹಾಸಭಾ ತಾಲ್ಲೂಕು ಮಹಿಳಾ ಘಟಕದ ವತಿಯಿಂದ ವಿಶ್ವ ಪರಿಸರ ದಿನಾಚರಣೆ ಅಂಗವಾಗಿ 50ಕ್ಕೂ ಹೆಚ್ಚು ಗಿಡಗಳನ್ನು ನೆಡಲಾಯಿತು. ಈ ಸಂದರ್ಭದಲ್ಲಿ ಅಖಿಲ ಭಾರತ ವೀರಶೈವ ಮಹಾಸಭಾ ತಾಲ್ಲೂಕು ಅಧ್ಯಕ್ಷರಾದ ಕಟ್ಟಾಯ ವಿಶ್ವನಾಥ್, ಮಹಿಳಾ ಅಧ್ಯಕ್ಷರಾದ ಶ್ರೀಮತಿ ಮಮತಾ ಪಾಟೀಲ್, ಜಿಲ್ಲಾ ಸಂಸ್ಕೃತಿಕ ಕಲಾ ಸಂಚಾಲಿಕ ವಿ.ಎಸ್. ರಾಣಿ, ಜಿಲ್ಲಾ ಪ್ರಾಥಮಿಕ ಶಾಲಾ ಶಿಕ್ಷಕರ ಸಂಘದ ಜಿಲ್ಲಾಧ್ಯಕ್ಷರಾದ ಚೈತ್ರ ನಾಯಕರಹಳ್ಳಿ, ನಿರ್ದೇಶಕರಾದ ಮಧು, ಉಪಾಧ್ಯಕ್ಷರಾದ ಶೀಲಾ ವಿಶ್ವನಾಥ್, ಪ್ರಧಾನ ಕಾರ್ಯದರ್ಶಿ ದೂರದರ್ಶನ ಇಂದಿರಾ ಸತೀಶ್, ಸಹಕಾರ್ಯದರ್ಶಿ ಇಂದಿರಾ ಸತೀಶ್, ಜಯಂತಿ ಶ್ಯಲ ಮದನ, ಜಿಲ್ಲಾ ಕನ್ನಡ ಸಾಹಿತ್ಯ ಪರಿಷತ್ತಿನ	ಜಿಲ್ಲಾಧ್ಯಕ್ಷರಾದ ಡಾ. ನಾಯಕರಹಳ್ಳಿ ಮಂಜೇಗೌಡ ಮತ್ತು ನಿರ್ದೇಶಕರಾದ ಸುಶೀಲಾ ಪಾಲನೇತ್ರ, ವೀಣಾ ದೇವರಾಜು, ಭಾಮಿನಿ ಹೇಮಂತ್, ರತ್ನ ಸೋಮಶೇಖರ್ ಮುಂತಾದವರು ಉಪಸ್ಥಿತರಿದ್ದರು.
ಚನ್ನರಾಯಪಟ್ಟಣ ಪುರಸಭೆಯಿಂದ ಪರಿಸರ ದಿನಾಚರಣೆ
ಭೀಮ ವಿಜಯ ನ್ಯೂಸ್
ಚನ್ನರಾಯಪಟ್ಟಣ: ಪ್ಲಾಸ್ಟಿಕ್ ಮುಕ್ತಗೊಳಿಸುವ ವಿಶ್ವ ಸಂದೇಶದ ಜೊತೆಗೆ ಪಟ್ಟಣದಲ್ಲಿ ಪ್ಲಾಸ್ಟಿಕ್ ಬಳಕೆಗೆ ಕಡಿವಾಣ ಹಾಕಬೇಕು. ಪಟ್ಟಣದ ಪ್ಲಾಸ್ಟಿಕ್ ನಿಷೇಧಗೊಳಿಸಿ ಪರಿಸರ ರಕ್ಷಣೆಗೆ ನಾವೆಲ್ಲ ಬದ್ಧರಾಗೋಣ ಎಂದು ಶಾಸಕ ಸಿ.ಎನ್.ಬಾಲಕೃಷ್ಣ ತಿಳಿಸಿದರು. ಜೂನ್ 5ರ ವಿಶ್ವ ಪರಿಸರ ದಿನಾಚರಣೆ ಪ್ರಯುಕ್ತ	ತಾಲ್ಲೂಕಿನ ನುಗ್ಗೇಹಳ್ಳಿ ಗ್ರಾಮದಲ್ಲಿನ ಕೆರೆ ಪಕ್ಕದ ಜಾಗದಲ್ಲಿ ಆಯೋಜಿಸಿದ್ದ ಕಾರ್ಯಕ್ರಮದಲ್ಲಿ ಗಿಡ ನೆಟ್ಟು ಮಾತನಾಡಿದರು. ಘಟ್ಟದಲ್ಲಿ 1 ಕೋಟಿ ವೆಚ್ಚದ ವಿವಿಧ ಕಾಮಗಾರಿಗಳಿಗೆ ಗುದ್ದಲಿ ಪೂಜೆ ನೆರವೇರಿಸಿ
ಮಾತನಾಡಿದ ಶಾಸಕರು, ಪ್ರಕೃತಿ ದೇವರು, ಆಂದ್ರೇಡ್ ಪ್ರಯೋಜನ ಕುರಿತು ಪ್ರತಿಯೊಬ್ಬರೂ ಅರಿಯಬೇಕು. ಅದ್ಯಕ್ಷ ಸಂಗೀತ, ತಹಶೀಲ್ದಾರ್ ಮತ್ತು ಮಾತನಾಡಿದರು.
ಐದು ಗಿಡಗಳನ್ನು ನೆಟ್ಟು ಪೋಷಿಸುವ ಮೂಲಕ ಭೂಮಿಯನ್ನು ಹಸಿರಾಗಿ ನೀಡಬೇಕು ಎಂದರು. ಪುರಸಭೆಯ ಸ್ವಚ್ಛ ಭಾರತ್ ಯೋಜನೆಯಡಿ 74 ಲಕ್ಷ ವೆಚ್ಚದಲ್ಲಿ ತ್ಯಾಜ್ಯವನ್ನು ಸಂಗ್ರಹಿಸುವ ಶೆಡ್ ನಿರ್ಮಾಣ, ಮತ್ತು 15ನೇ ಹಣಕಾಸು ಯೋಜನೆಯಲ್ಲಿ ಘಟಕಕ್ಕೆ 10 ಲಕ್ಷ ರೂ. ವೆಚ್ಚದ ಪೈಲೆಟ್ ಶೆಡ್, ಮತ್ತು 150 ಲಕ್ಷ ರೂ. ವೆಚ್ಚದ ಕಾಮಗಾರಿಗಳಿಗೆ ಭೂಮಿ ಪೂಜೆ ಮಾಡಲಾಯಿತು.
ಜೂ.9 ರಂದು ಕಲಾಭವನದಲ್ಲಿ ಬಾನು
ಮುಷ್ತಾಕ್‌ಅವರಿಗೆ ನಾಗರಿಕ ಸನ್ಮಾನ
ಭೀಮ ವಿಜಯ ನ್ಯೂಸ್
ಹಾಸನ: ಜೂನ್ 9ರ ಸೋಮವಾರ ಬೆಳಿಗ್ಗೆ 10 ಗಂಟೆಗೆ ಹಾಸನ ಜಿಲ್ಲಾಧಿಕಾರಿ ಕಚೇರಿ ಆವರಣದಲ್ಲಿರುವ ವಿವಿಧ ಜನಪದ ಕಲಾತಂಡಗಳ ಮೆರವಣಿಗೆಯ ಆರಂಭವಾಗಿ ನಂತರ ಹಾಸನಾಂಬ ಕಲಾಕ್ಷೇತ್ರದಲ್ಲಿ ಬುಕರ್ ಪ್ರಶಸ್ತಿ ಪಡೆದ ಬಾನು ಮುಷ್ತಾಕ್‌ರವರಿಗೆ ‘ನಾಗರೀಕ ಸನ್ಮಾನ’ ನಡೆಯಲಿದೆ. ಈ ಕಾರ್ಯಕ್ರಮಕ್ಕೆ ಹಾಸನ ಜಿಲ್ಲೆಯ ಎಲ್ಲಾ ದಲಿತ ಸಂಘಟನೆಗಳ ಮುಖಂಡರು, ಕಾರ್ಯಕರ್ತರು, ನಾಗರಿಕರು ಹೆಚ್ಚಿನ ಸಂಖ್ಯೆಯಲ್ಲಿ ಭಾಗವಹಿಸುವಂತೆ ಹಿರಿಯ ದಲಿತ ಮುಖಂಡರಾದ ಹೆಚ್.ಕೆ. ಸಂದೇಶ್ ಮನವಿ ಮಾಡಿದರು. ಪತ್ರಿಕಾಗೋಷ್ಠಿಯಲ್ಲಿ ಮಾತನಾಡಿದ ಅವರು, ಹಾಸನದ ಹೆಮ್ಮೆಯ ಸಾಹಿತಿ ಶ್ರೀಮತಿ ಬಾನು ಮುಷ್ತಾಕ್ ಅವರಿಗೆ 2025ರ ಬುಕರ್ ಅಂತರರಾಷ್ಟ್ರೀಯ ಪ್ರಶಸ್ತಿ ಲಭಿಸಿರುವುದು ನಮ್ಮೆಲ್ಲರಿಗೂ ಹೆಮ್ಮೆ ತಂದಿದೆ. ಕನ್ನಡ ಸಾಹಿತ್ಯಕ್ಕೆ
ಹಾಸನ ಜಿಲ್ಲಾ ಪತ್ರಕರ್ತರ ಸಂಘ
ಜಾಗತಿಕ ಮಟ್ಟದಲ್ಲಿ ಮನ್ನಣೆ ದೊರೆತಿದೆ. ಸಮುದ್ರದ ಹಾಗೂ ಕನ್ನಡ ಭಾಷೆ ಇಂದು ಹಲವು ಸಮಸ್ಯೆಗಳನ್ನು ಎದುರಿಸುತ್ತಿರುವ ಸಂದರ್ಭದಲ್ಲಿ ಕನ್ನಡ ಸಾಹಿತ್ಯಕ್ಕೆ ಜಾಗತಿಕ ಮನ್ನಣೆ ದೊರೆತಿರುವುದು ಸಂತಸದ ವಿಷಯ. ಬಾನು ಮುಷ್ತಾಕ್ ರವರು ಬಿ.ವಿ ಚಂದ್ರಪ್ರಸಾದ್ ತ್ಯಾಗಿಯವರ ಜೊತೆಯಲ್ಲಿ ದಲಿತ ಚಳುವಳಿಯ ಸಂಘರ್ಷ ಸಮಿತಿಯ ನೇತೃತ್ವದಲ್ಲಿ ಹೋರಾಟದಲ್ಲಿ ಭಾಗವಹಿಸಿದ್ದರು. ಜೂ.9ರ ಸನ್ಮಾನ ಕಾರ್ಯಕ್ರಮದಲ್ಲಿ ಎಲ್ಲರೂ ಭಾಗವಹಿಸಬೇಕು.
ಅತ್ಯುನ್ನತ ಪ್ರಶಸ್ತಿ ಪಡೆದಿರುವುದು ನಮಗೆ ಅಪಾರ ಹೆಮ್ಮೆಯ ವಿಷಯವಾಗಿದ್ದು, ಅವರನ್ನು ಅಭಿನಂದಿಸಲು ಹಾಗೂ ಕನ್ನಡ ಭಾಷೆ ಮತ್ತು ಸಾಹಿತ್ಯಕ್ಕೆ ಅವರ ಕೊಡುಗೆಯನ್ನು ಗೌರವಿಸಲು ಈ ಸನ್ಮಾನ ಆಯೋಜಿಸಲಾಗಿದೆ. ಜಿಲ್ಲೆಯ ಎಲ್ಲಾ ಸಾಹಿತಿಗಳು, ಕಲಾವಿದರು, ಪ್ರಗತಿಪರ ಸಂಘಟನೆಗಳ ಪದಾಧಿಕಾರಿಗಳು ಭಾಗವಹಿಸಲಿದ್ದಾರೆ. ಈ ಹಿನ್ನೆಲೆಯಲ್ಲಿ ಜೂನ್ 9 ರ ಸೋಮವಾರ ಹಾಸನದ ಹಾಸನಾಂಬ ಕಲಾಕ್ಷೇತ್ರದಲ್ಲಿ ಶ್ರೀಮತಿ ಬಾನು ಮುಷ್ತಾಕ್ ಅವರಿಗೆ ‘ನಾಗರೀಕ ಸನ್ಮಾನ’ ಏರ್ಪಡಿಸಲಾಗಿದೆ. ಅವರು ಈ ಕಾರ್ಯಕ್ರಮದಲ್ಲಿ ಭಾಗವಹಿಸಲಿದ್ದಾರೆ.
ಕನ್ನಡ ಸಾಹಿತ್ಯ ಪರಿಷತ್, ಜನಪರ ಚಳುವಳಿಗಳು, ಕನ್ನಡಪರ ಸಂಘಟನೆಗಳು, ಸಂಘ-ಸಂಸ್ಥೆಗಳು ಹಾಗೂ ನಾಗರಿಕ ಸಮಿತಿ ನೇತೃತ್ವದಲ್ಲಿ ನಡೆಯಲಿದೆ ಎಂದು ತಿಳಿಸಿದರು. ಸನ್ಮಾನ ಕಾರ್ಯಕ್ರಮವನ್ನು ಕನ್ನಡ ನಾಡಿನ ಹಿರಿಯ ಸಾಹಿತಿ ನಾಡೋಜ ಡಾ. ಬರಗೂರು ರಾಮಚಂದ್ರಪ್ಪ ಉದ್ಘಾಟಿಸಿ ಮಾತನಾಡಲಿದ್ದಾರೆ. ಕಾರ್ಯಕ್ರಮದ ಅಧ್ಯಕ್ಷತೆಯನ್ನು ಹಿರಿಯ ಸಾಹಿತಿ ಹಾಗೂ ಡಾ. ಎಚ್.ಎಸ್. ಅನುಪಮಾ ಅವರು ವಹಿಸಲಿದ್ದಾರೆ. ಈ ಕಾರ್ಯಕ್ರಮದಲ್ಲಿ ಮಾನ್ಯ ಸಂಸದರಾದ ಶ್ರೀಯುತ ಶ್ರೇಯಸ್ ಪಟೇಲ್, ಮಾನ್ಯ ಶಾಸಕರು, ಜಿಲ್ಲಾಧಿಕಾರಿ ಕೆ.ಎಸ್. ಲತಾಕುಮಾರಿ, ಜಿಲ್ಲಾ ಪೊಲೀಸ್ ವರಿಷ್ಠಾಧಿಕಾರಿ ಮೊಹಮ್ಮದ್ ಸುಜೀತ ಅವರು ಮುಖ್ಯ ಅತಿಥಿಗಳಾಗಿ ಭಾಗವಹಿಸಲಿದ್ದಾರೆ ಎಂದರು.
